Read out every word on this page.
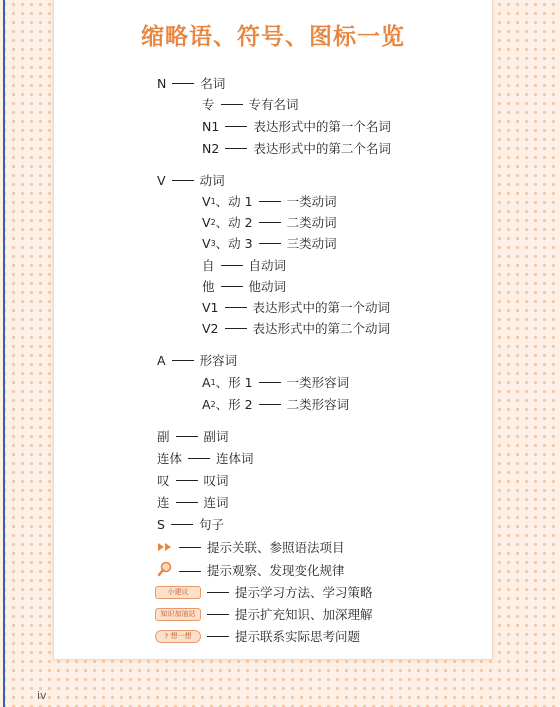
缩略语、符号、图标一览
N	名词
专	专有名词
N1	表达形式中的第一个名词
N2	表达形式中的第二个名词
V	动词
V1、动 1	一类动词
V2、动 2	二类动词
V3、动 3	三类动词
自	自动词
他	他动词
V1	表达形式中的第一个动词
V2	表达形式中的第二个动词
A	形容词
A1、形 1	一类形容词
A2、形 2	二类形容词
副	副词
连体	连体词
叹	叹词
连	连词
S	句子
提示关联、参照语法项目
提示观察、发现变化规律
小建议	提示学习方法、学习策略
知识加油站	提示扩充知识、加深理解
? 想一想	提示联系实际思考问题
iv
